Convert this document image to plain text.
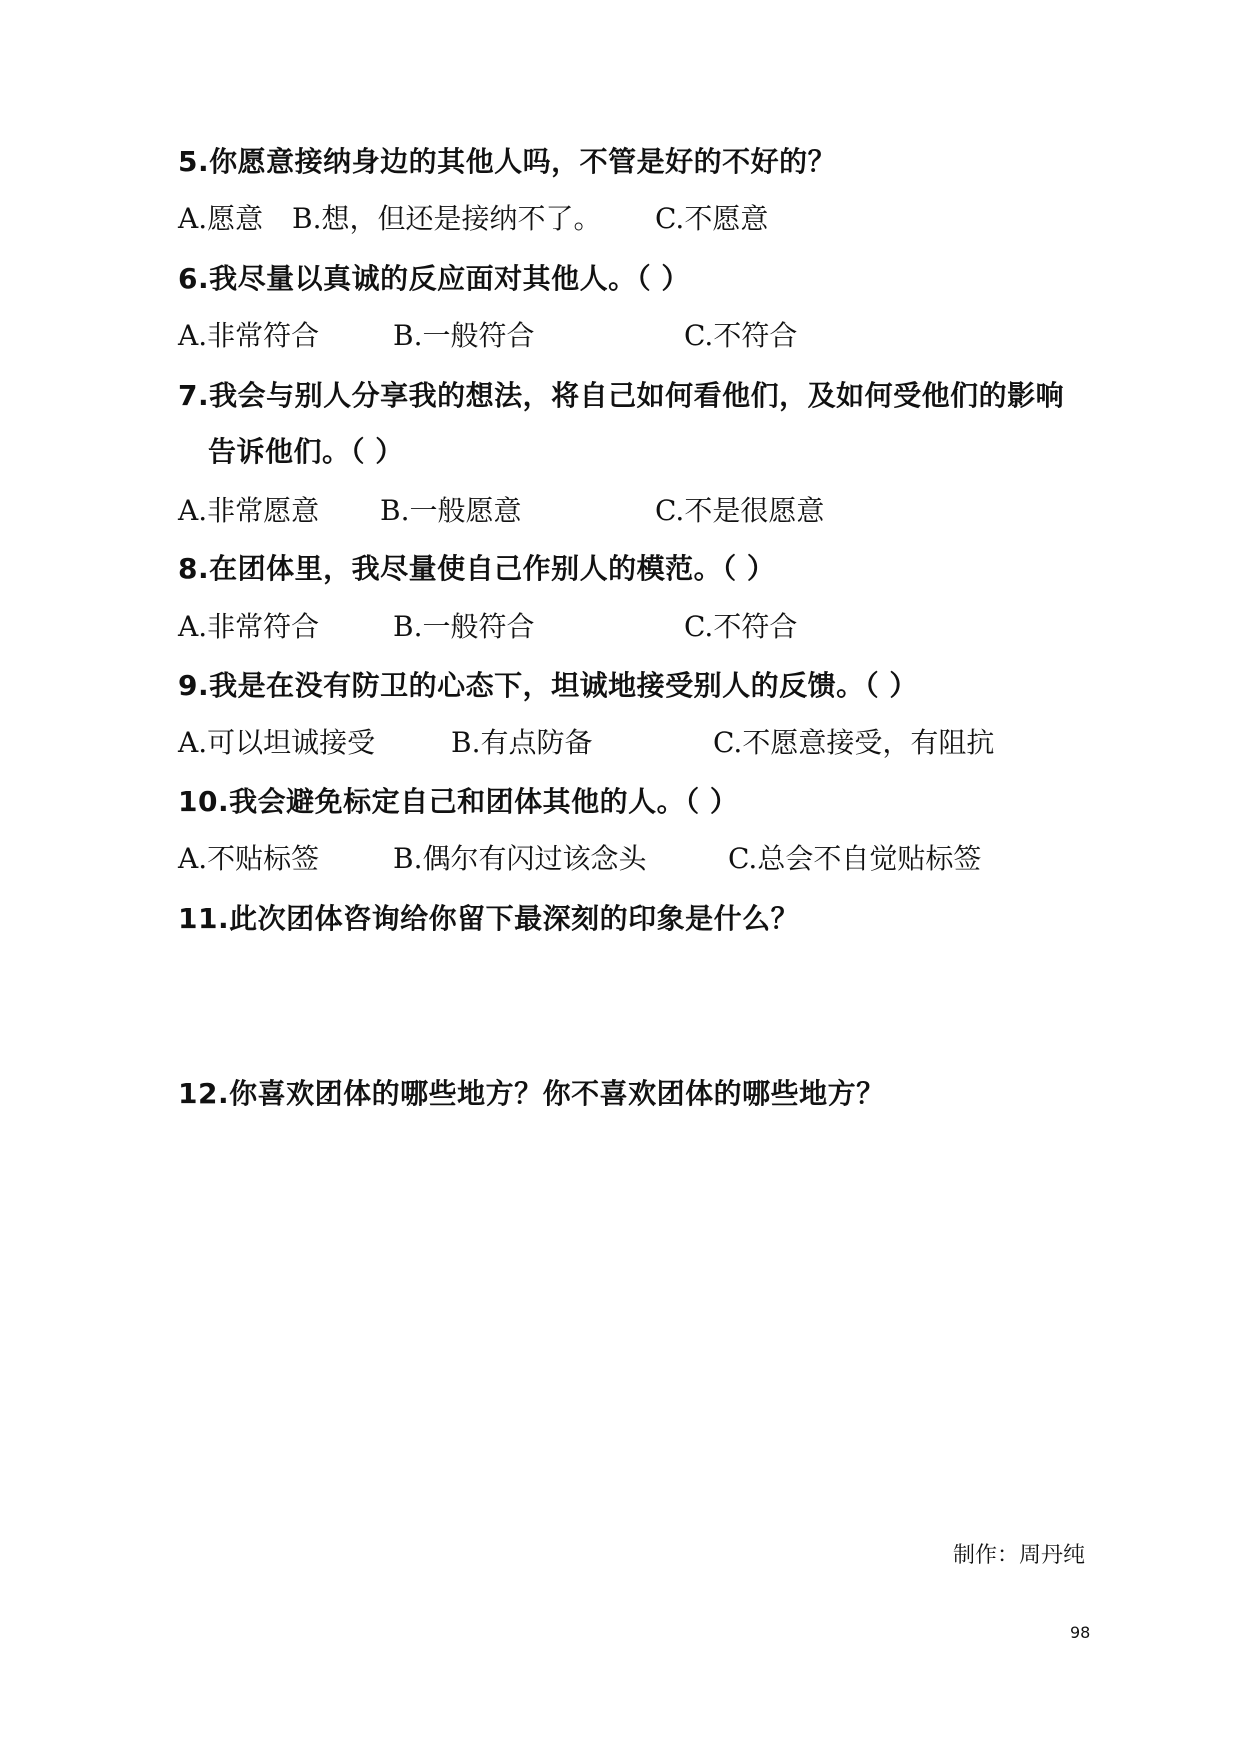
5.你愿意接纳身边的其他人吗，不管是好的不好的？
A.愿意 B.想，但还是接纳不了。 C.不愿意
6.我尽量以真诚的反应面对其他人。（ ）
A.非常符合	B.一般符合	C.不符合
7.我会与别人分享我的想法，将自己如何看他们，及如何受他们的影响
告诉他们。（ ）
A.非常愿意 B.一般愿意	C.不是很愿意
8.在团体里，我尽量使自己作别人的模范。（ ）
A.非常符合	B.一般符合	C.不符合
9.我是在没有防卫的心态下，坦诚地接受别人的反馈。（ ）
A.可以坦诚接受	B.有点防备	C.不愿意接受，有阻抗
10.我会避免标定自己和团体其他的人。（ ）
A.不贴标签	B.偶尔有闪过该念头	C.总会不自觉贴标签
11.此次团体咨询给你留下最深刻的印象是什么？
12.你喜欢团体的哪些地方？你不喜欢团体的哪些地方？
制作：周丹纯
98
